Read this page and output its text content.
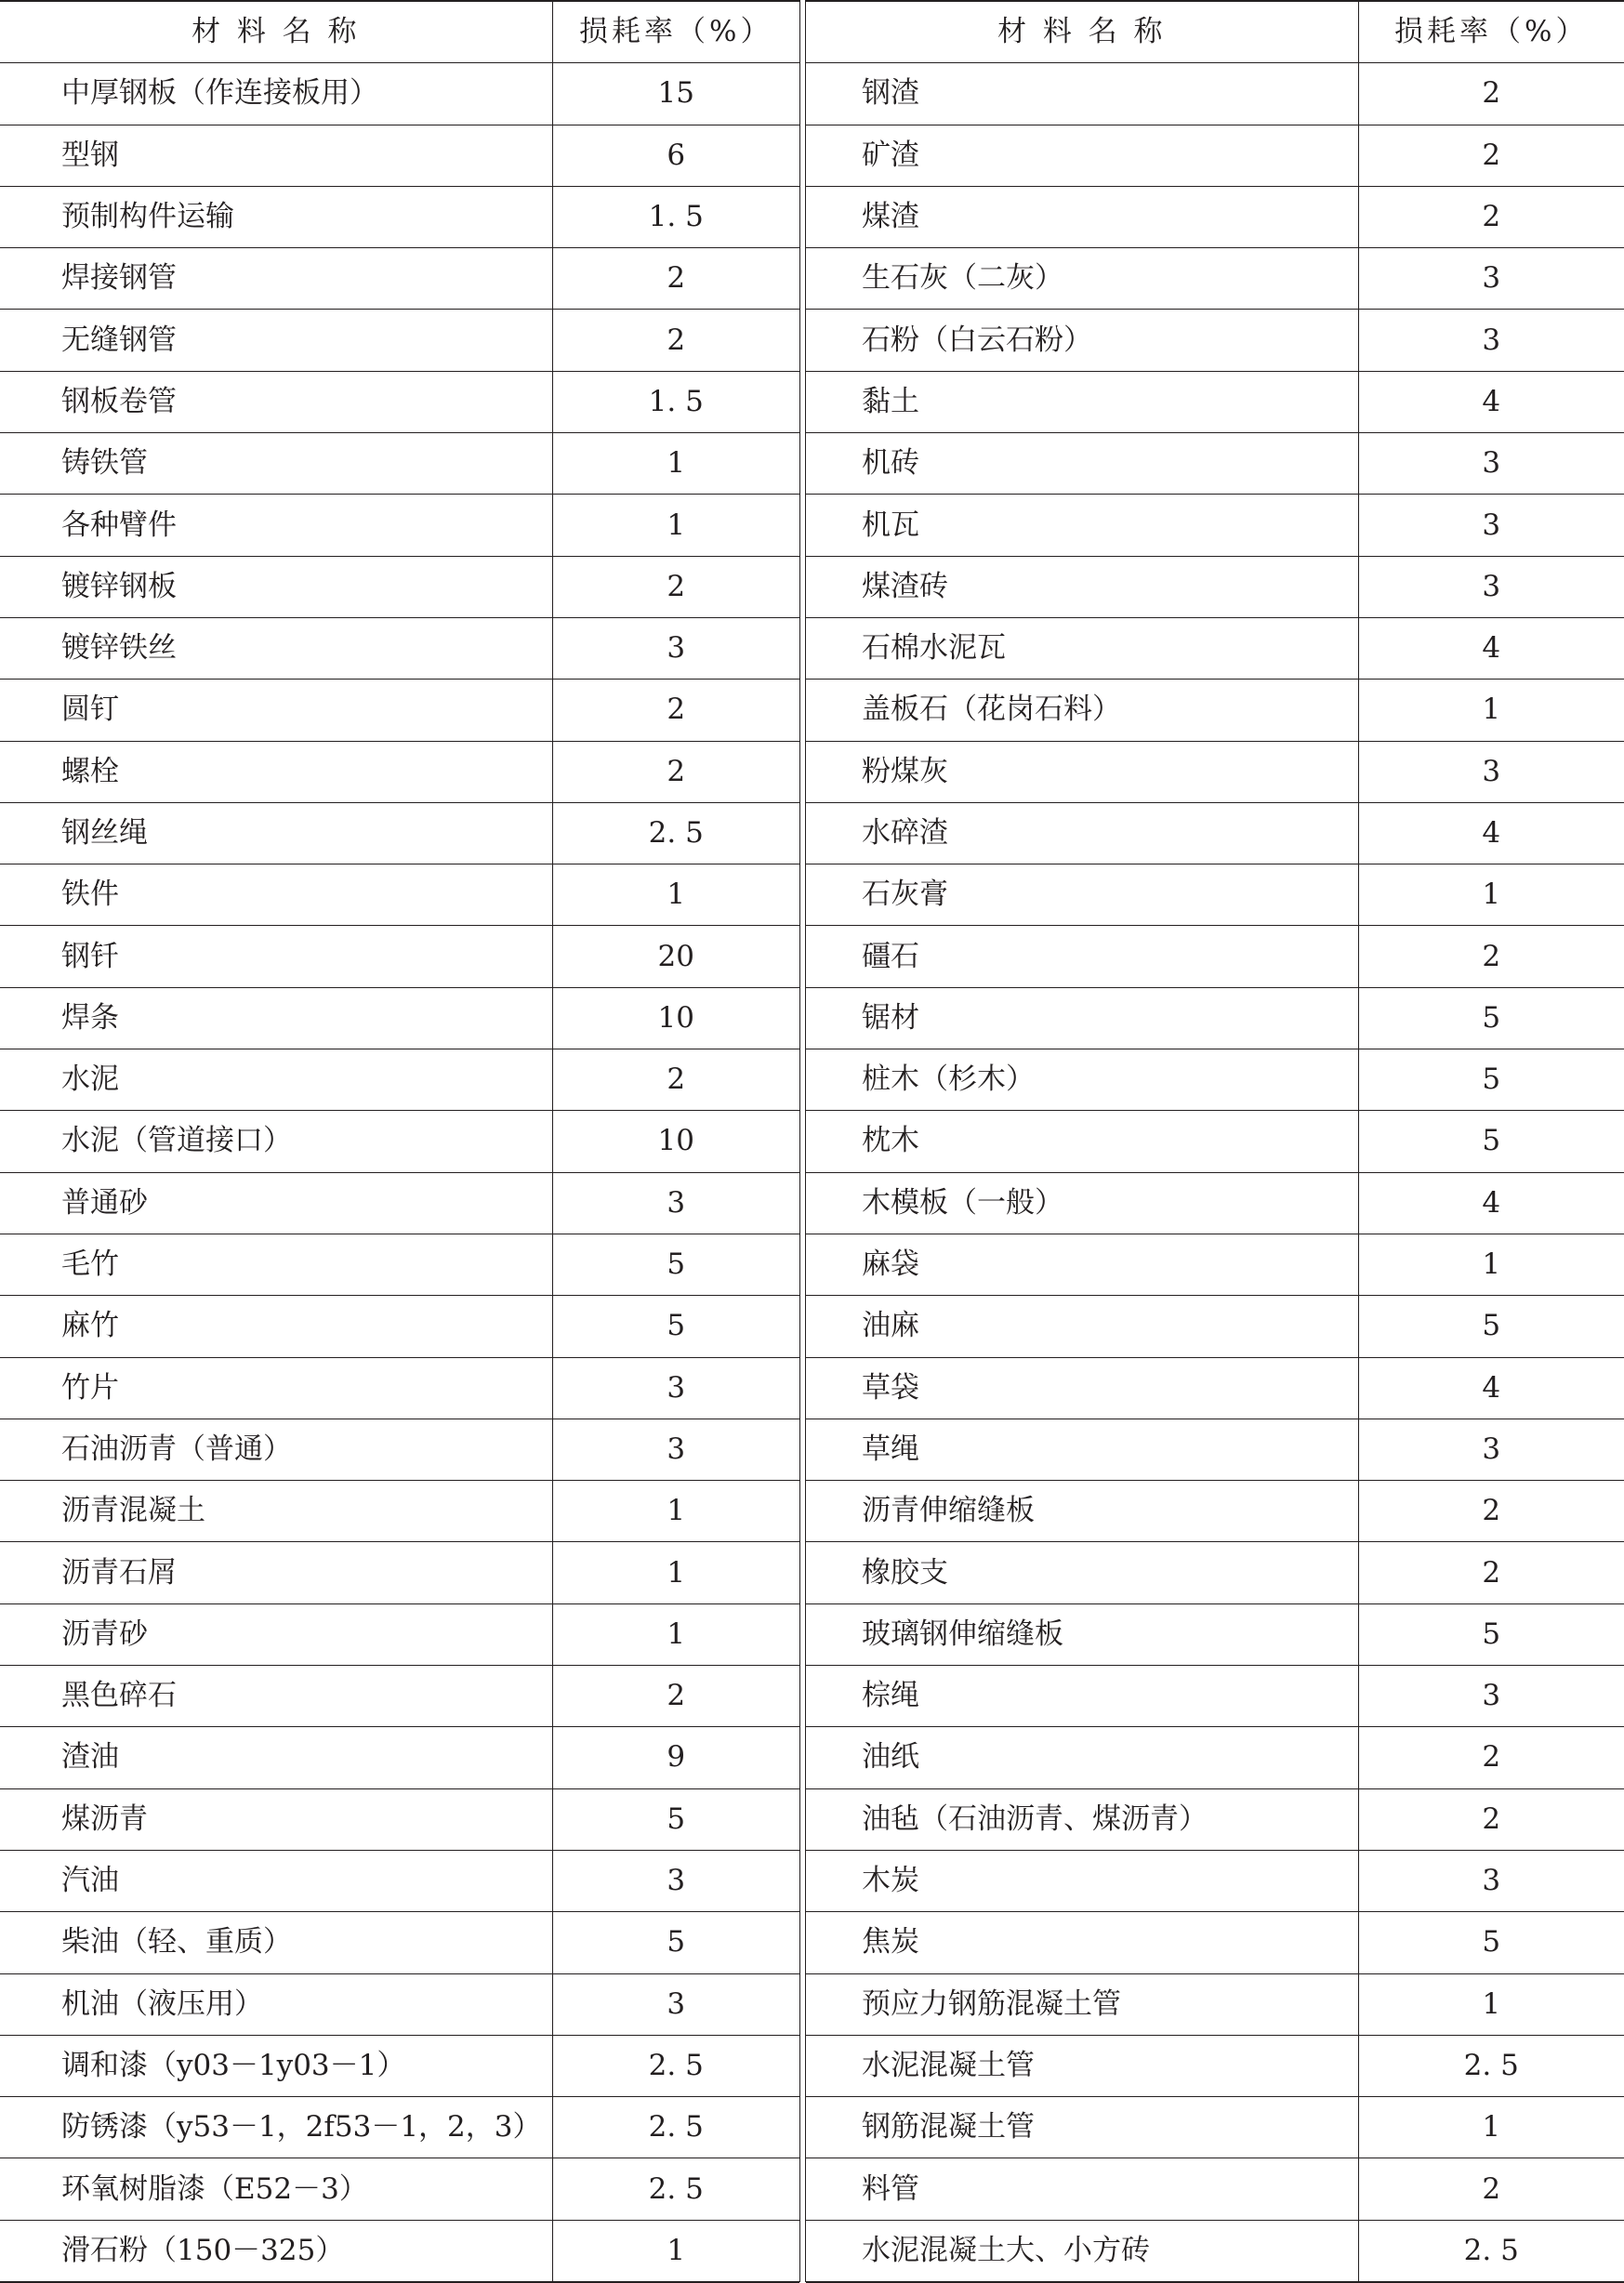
材 料 名 称	损耗率（%）
中厚钢板（作连接板用）	15
型钢	6
预制构件运输	1. 5
焊接钢管	2
无缝钢管	2
钢板卷管	1. 5
铸铁管	1
各种臂件	1
镀锌钢板	2
镀锌铁丝	3
圆钉	2
螺栓	2
钢丝绳	2. 5
铁件	1
钢钎	20
焊条	10
水泥	2
水泥（管道接口）	10
普通砂	3
毛竹	5
麻竹	5
竹片	3
石油沥青（普通）	3
沥青混凝土	1
沥青石屑	1
沥青砂	1
黑色碎石	2
渣油	9
煤沥青	5
汽油	3
柴油（轻、重质）	5
机油（液压用）	3
调和漆（y03－1y03－1）	2. 5
防锈漆（y53－1，2f53－1，2，3）	2. 5
环氧树脂漆（E52－3）	2. 5
滑石粉（150－325）	1
材 料 名 称	损耗率（%）
钢渣	2
矿渣	2
煤渣	2
生石灰（二灰）	3
石粉（白云石粉）	3
黏土	4
机砖	3
机瓦	3
煤渣砖	3
石棉水泥瓦	4
盖板石（花岗石料）	1
粉煤灰	3
水碎渣	4
石灰膏	1
礓石	2
锯材	5
桩木（杉木）	5
枕木	5
木模板（一般）	4
麻袋	1
油麻	5
草袋	4
草绳	3
沥青伸缩缝板	2
橡胶支	2
玻璃钢伸缩缝板	5
棕绳	3
油纸	2
油毡（石油沥青、煤沥青）	2
木炭	3
焦炭	5
预应力钢筋混凝土管	1
水泥混凝土管	2. 5
钢筋混凝土管	1
料管	2
水泥混凝土大、小方砖	2. 5
